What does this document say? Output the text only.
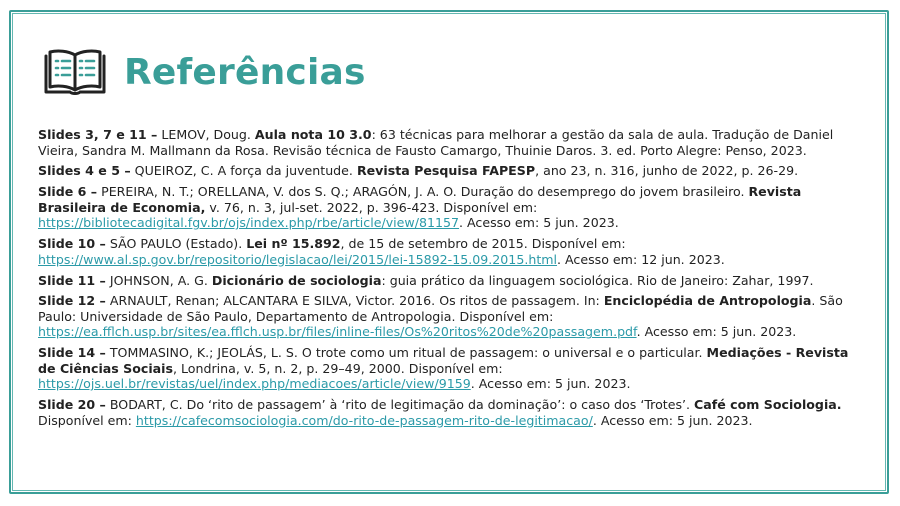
Referências

Slides 3, 7 e 11 – LEMOV, Doug. Aula nota 10 3.0: 63 técnicas para melhorar a gestão da sala de aula. Tradução de Daniel Vieira, Sandra M. Mallmann da Rosa. Revisão técnica de Fausto Camargo, Thuinie Daros. 3. ed. Porto Alegre: Penso, 2023.

Slides 4 e 5 – QUEIROZ, C. A força da juventude. Revista Pesquisa FAPESP, ano 23, n. 316, junho de 2022, p. 26-29.

Slide 6 – PEREIRA, N. T.; ORELLANA, V. dos S. Q.; ARAGÓN, J. A. O. Duração do desemprego do jovem brasileiro. Revista Brasileira de Economia, v. 76, n. 3, jul-set. 2022, p. 396-423. Disponível em: https://bibliotecadigital.fgv.br/ojs/index.php/rbe/article/view/81157. Acesso em: 5 jun. 2023.

Slide 10 – SÃO PAULO (Estado). Lei nº 15.892, de 15 de setembro de 2015. Disponível em: https://www.al.sp.gov.br/repositorio/legislacao/lei/2015/lei-15892-15.09.2015.html. Acesso em: 12 jun. 2023.

Slide 11 – JOHNSON, A. G. Dicionário de sociologia: guia prático da linguagem sociológica. Rio de Janeiro: Zahar, 1997.

Slide 12 – ARNAULT, Renan; ALCANTARA E SILVA, Victor. 2016. Os ritos de passagem. In: Enciclopédia de Antropologia. São Paulo: Universidade de São Paulo, Departamento de Antropologia. Disponível em: https://ea.fflch.usp.br/sites/ea.fflch.usp.br/files/inline-files/Os%20ritos%20de%20passagem.pdf. Acesso em: 5 jun. 2023.

Slide 14 – TOMMASINO, K.; JEOLÁS, L. S. O trote como um ritual de passagem: o universal e o particular. Mediações - Revista de Ciências Sociais, Londrina, v. 5, n. 2, p. 29–49, 2000. Disponível em: https://ojs.uel.br/revistas/uel/index.php/mediacoes/article/view/9159. Acesso em: 5 jun. 2023.

Slide 20 – BODART, C. Do ‘rito de passagem’ à ‘rito de legitimação da dominação’: o caso dos ‘Trotes’. Café com Sociologia. Disponível em: https://cafecomsociologia.com/do-rito-de-passagem-rito-de-legitimacao/. Acesso em: 5 jun. 2023.
